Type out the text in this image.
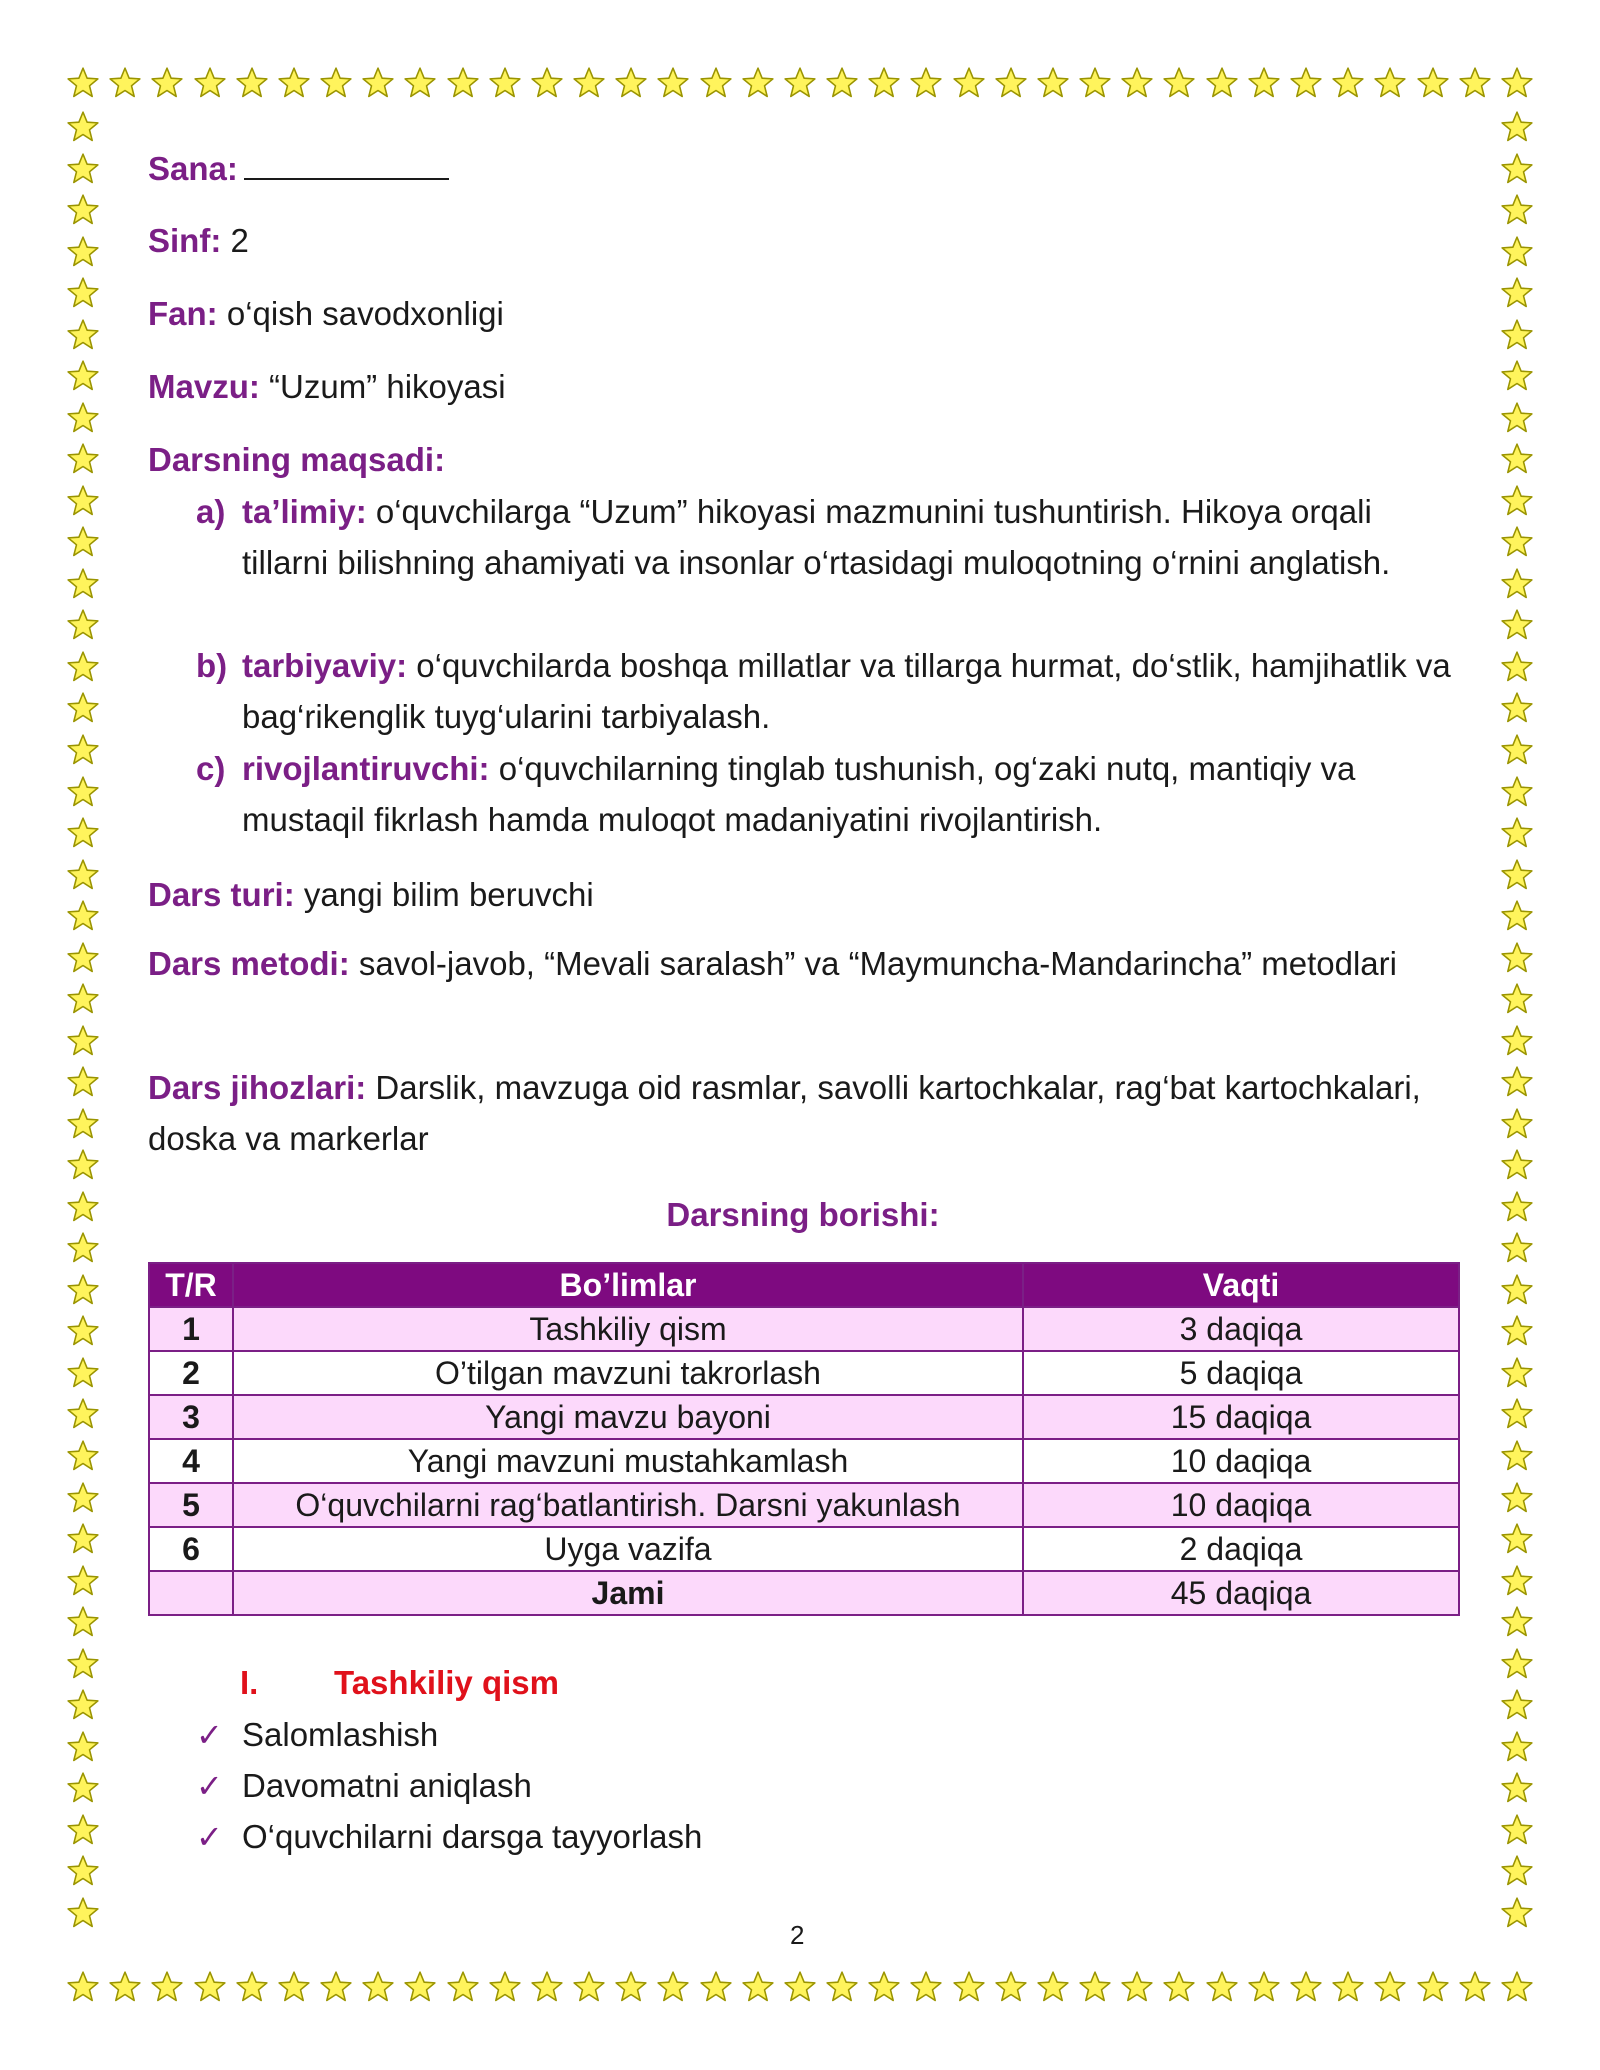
Sana:
Sinf: 2
Fan: o‘qish savodxonligi
Mavzu: “Uzum” hikoyasi
Darsning maqsadi:
a) ta’limiy: o‘quvchilarga “Uzum” hikoyasi mazmunini tushuntirish. Hikoya orqali tillarni bilishning ahamiyati va insonlar o‘rtasidagi muloqotning o‘rnini anglatish.
b) tarbiyaviy: o‘quvchilarda boshqa millatlar va tillarga hurmat, do‘stlik, hamjihatlik va bag‘rikenglik tuyg‘ularini tarbiyalash.
c) rivojlantiruvchi: o‘quvchilarning tinglab tushunish, og‘zaki nutq, mantiqiy va mustaqil fikrlash hamda muloqot madaniyatini rivojlantirish.
Dars turi: yangi bilim beruvchi
Dars metodi: savol-javob, “Mevali saralash” va “Maymuncha-Mandarincha” metodlari
Dars jihozlari: Darslik, mavzuga oid rasmlar, savolli kartochkalar, rag‘bat kartochkalari, doska va markerlar
Darsning borishi:
T/R	Bo’limlar	Vaqti
1	Tashkiliy qism	3 daqiqa
2	O’tilgan mavzuni takrorlash	5 daqiqa
3	Yangi mavzu bayoni	15 daqiqa
4	Yangi mavzuni mustahkamlash	10 daqiqa
5	O‘quvchilarni rag‘batlantirish. Darsni yakunlash	10 daqiqa
6	Uyga vazifa	2 daqiqa
	Jami	45 daqiqa
I. Tashkiliy qism
✓ Salomlashish
✓ Davomatni aniqlash
✓ O‘quvchilarni darsga tayyorlash
2
